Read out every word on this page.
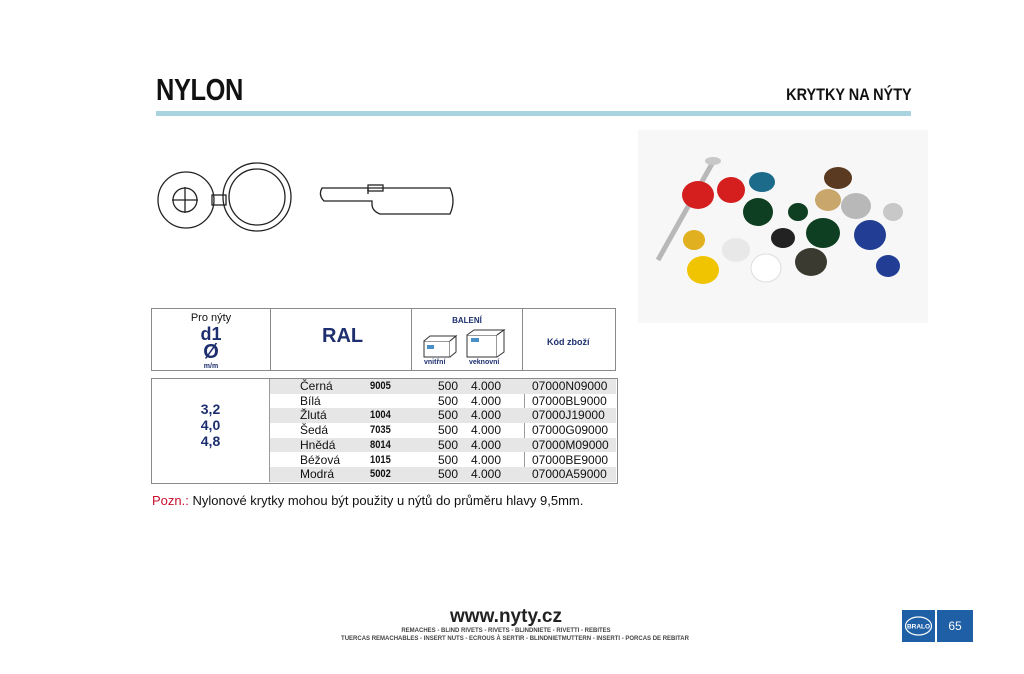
NYLON	KRYTKY NA NÝTY
Pro nýty
d1
Ø
m/m
RAL
BALENÍ
vnitřní	veknovní
Kód zboží
3,2
4,0
4,8
Černá	9005	500 4.000	07000N09000
Bílá	500 4.000	07000BL9000
Žlutá	1004	500 4.000	07000J19000
Šedá	7035	500 4.000	07000G09000
Hnědá	8014	500 4.000	07000M09000
Béžová	1015	500 4.000	07000BE9000
Modrá	5002	500 4.000	07000A59000
Pozn.: Nylonové krytky mohou být použity u nýtů do průměru hlavy 9,5mm.
www.nyty.cz
REMACHES - BLIND RIVETS - RIVETS - BLINDNIETE - RIVETTI - REBITES
TUERCAS REMACHABLES - INSERT NUTS - ECROUS À SERTIR - BLINDNIETMUTTERN - INSERTI - PORCAS DE REBITAR
BRALO	65
